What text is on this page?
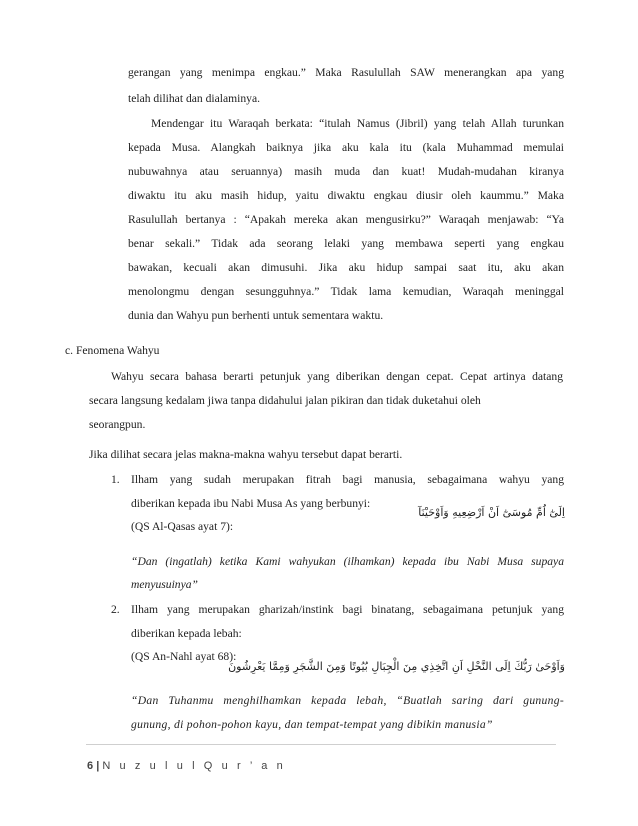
gerangan yang menimpa engkau.” Maka Rasulullah SAW menerangkan apa yang
telah dilihat dan dialaminya.
Mendengar itu Waraqah berkata: “itulah Namus (Jibril) yang telah Allah turunkan
kepada Musa. Alangkah baiknya jika aku kala itu (kala Muhammad memulai
nubuwahnya atau seruannya) masih muda dan kuat! Mudah-mudahan kiranya
diwaktu itu aku masih hidup, yaitu diwaktu engkau diusir oleh kaummu.” Maka
Rasulullah bertanya : “Apakah mereka akan mengusirku?” Waraqah menjawab: “Ya
benar sekali.” Tidak ada seorang lelaki yang membawa seperti yang engkau
bawakan, kecuali akan dimusuhi. Jika aku hidup sampai saat itu, aku akan
menolongmu dengan sesungguhnya.” Tidak lama kemudian, Waraqah meninggal
dunia dan Wahyu pun berhenti untuk sementara waktu.
c. Fenomena Wahyu
Wahyu secara bahasa berarti petunjuk yang diberikan dengan cepat. Cepat artinya datang
secara langsung kedalam jiwa tanpa didahului jalan pikiran dan tidak duketahui oleh
seorangpun.
Jika dilihat secara jelas makna-makna wahyu tersebut dapat berarti.
1. Ilham yang sudah merupakan fitrah bagi manusia, sebagaimana wahyu yang
diberikan kepada ibu Nabi Musa As yang berbunyi:
(QS Al-Qasas ayat 7):
اِلَىٰٓ اُمِّ مُوسَىٰٓ اَنْ اَرْضِعِيهِ وَاَوْحَيْنَآ
“Dan (ingatlah) ketika Kami wahyukan (ilhamkan) kepada ibu Nabi Musa supaya
menyusuinya”
2. Ilham yang merupakan gharizah/instink bagi binatang, sebagaimana petunjuk yang
diberikan kepada lebah:
(QS An-Nahl ayat 68):
وَاَوْحَىٰ رَبُّكَ اِلَى النَّحْلِ اَنِ اتَّخِذِي مِنَ الْجِبَالِ بُيُوتًا وَمِنَ الشَّجَرِ وَمِمَّا يَعْرِشُونَ
“Dan Tuhanmu menghilhamkan kepada lebah, “Buatlah saring dari gunung-
gunung, di pohon-pohon kayu, dan tempat-tempat yang dibikin manusia”
6 | N u z u l u l Q u r ’ a n
